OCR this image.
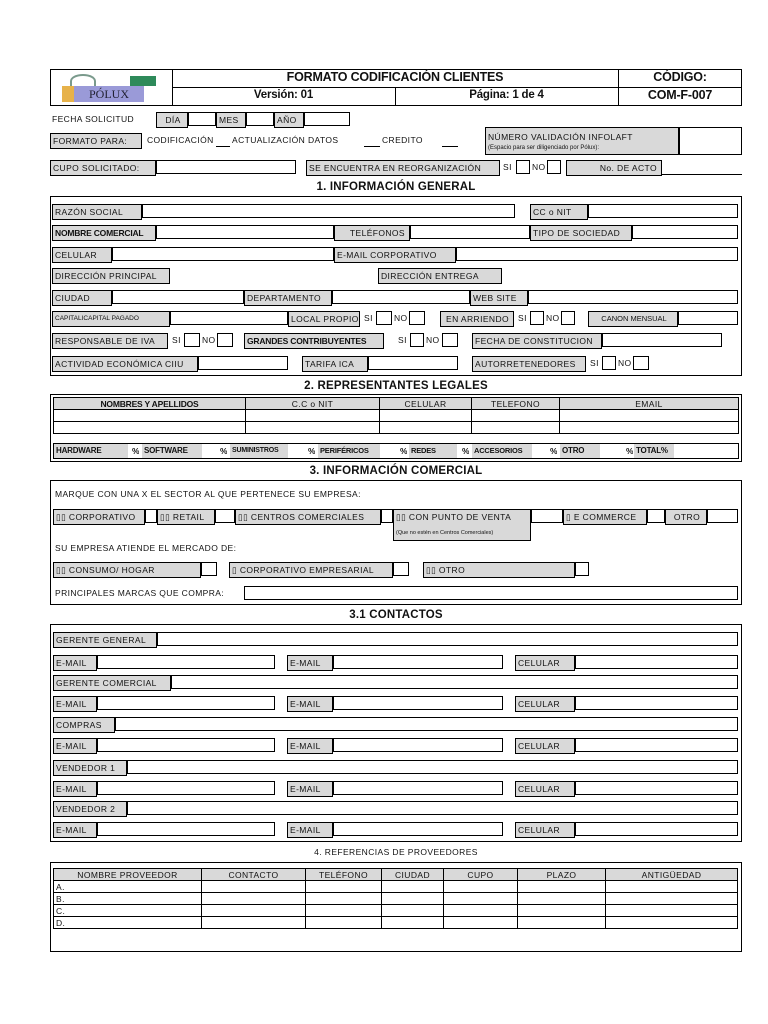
PÓLUX
FORMATO CODIFICACIÓN CLIENTES
Versión: 01	Página: 1 de 4
CÓDIGO:
COM-F-007
FECHA SOLICITUD	DÍA	MES	AÑO
FORMATO PARA:	CODIFICACIÓN ACTUALIZACIÓN DATOS	CREDITO	NÚMERO VALIDACIÓN INFOLAFT
(Espacio para ser diligenciado por Pólux):
CUPO SOLICITADO:	SE ENCUENTRA EN REORGANIZACIÓN	SI NO	No. DE ACTO
1. INFORMACIÓN GENERAL
RAZÓN SOCIAL	CC o NIT
NOMBRE COMERCIAL	TELÉFONOS	TIPO DE SOCIEDAD
CELULAR	E-MAIL CORPORATIVO
DIRECCIÓN PRINCIPAL	DIRECCIÓN ENTREGA
CIUDAD	DEPARTAMENTO	WEB SITE
CAPITALICAPITAL PAGADO	LOCAL PROPIO SI NO	EN ARRIENDO	SI NO	CANON MENSUAL
RESPONSABLE DE IVA	SI NO	GRANDES CONTRIBUYENTES	SI NO	FECHA DE CONSTITUCION
ACTIVIDAD ECONÓMICA CIIU	TARIFA ICA	AUTORRETENEDORES	SI NO
2. REPRESENTANTES LEGALES
NOMBRES Y APELLIDOS	C.C o NIT	CELULAR	TELEFONO	EMAIL

HARDWARE	% SOFTWARE	% SUMINISTROS	% PERIFÉRICOS	% REDES	% ACCESORIOS	% OTRO	% TOTAL%
3. INFORMACIÓN COMERCIAL
MARQUE CON UNA X EL SECTOR AL QUE PERTENECE SU EMPRESA:
▯▯ CORPORATIVO	▯▯ RETAIL	▯▯ CENTROS COMERCIALES	▯▯ CON PUNTO DE VENTA
(Que no estén en Centros Comerciales)
▯ E COMMERCE	OTRO
SU EMPRESA ATIENDE EL MERCADO DE:
▯▯ CONSUMO/ HOGAR	▯ CORPORATIVO EMPRESARIAL	▯▯ OTRO
PRINCIPALES MARCAS QUE COMPRA:
3.1 CONTACTOS
GERENTE GENERAL
E-MAIL	E-MAIL	CELULAR
GERENTE COMERCIAL
E-MAIL	E-MAIL	CELULAR
COMPRAS
E-MAIL	E-MAIL	CELULAR
VENDEDOR 1
E-MAIL	E-MAIL	CELULAR
VENDEDOR 2
E-MAIL	E-MAIL	CELULAR
4. REFERENCIAS DE PROVEEDORES
NOMBRE PROVEEDOR	CONTACTO	TELÉFONO	CIUDAD	CUPO	PLAZO	ANTIGÜEDAD
A.						
B.						
C.						
D.						
